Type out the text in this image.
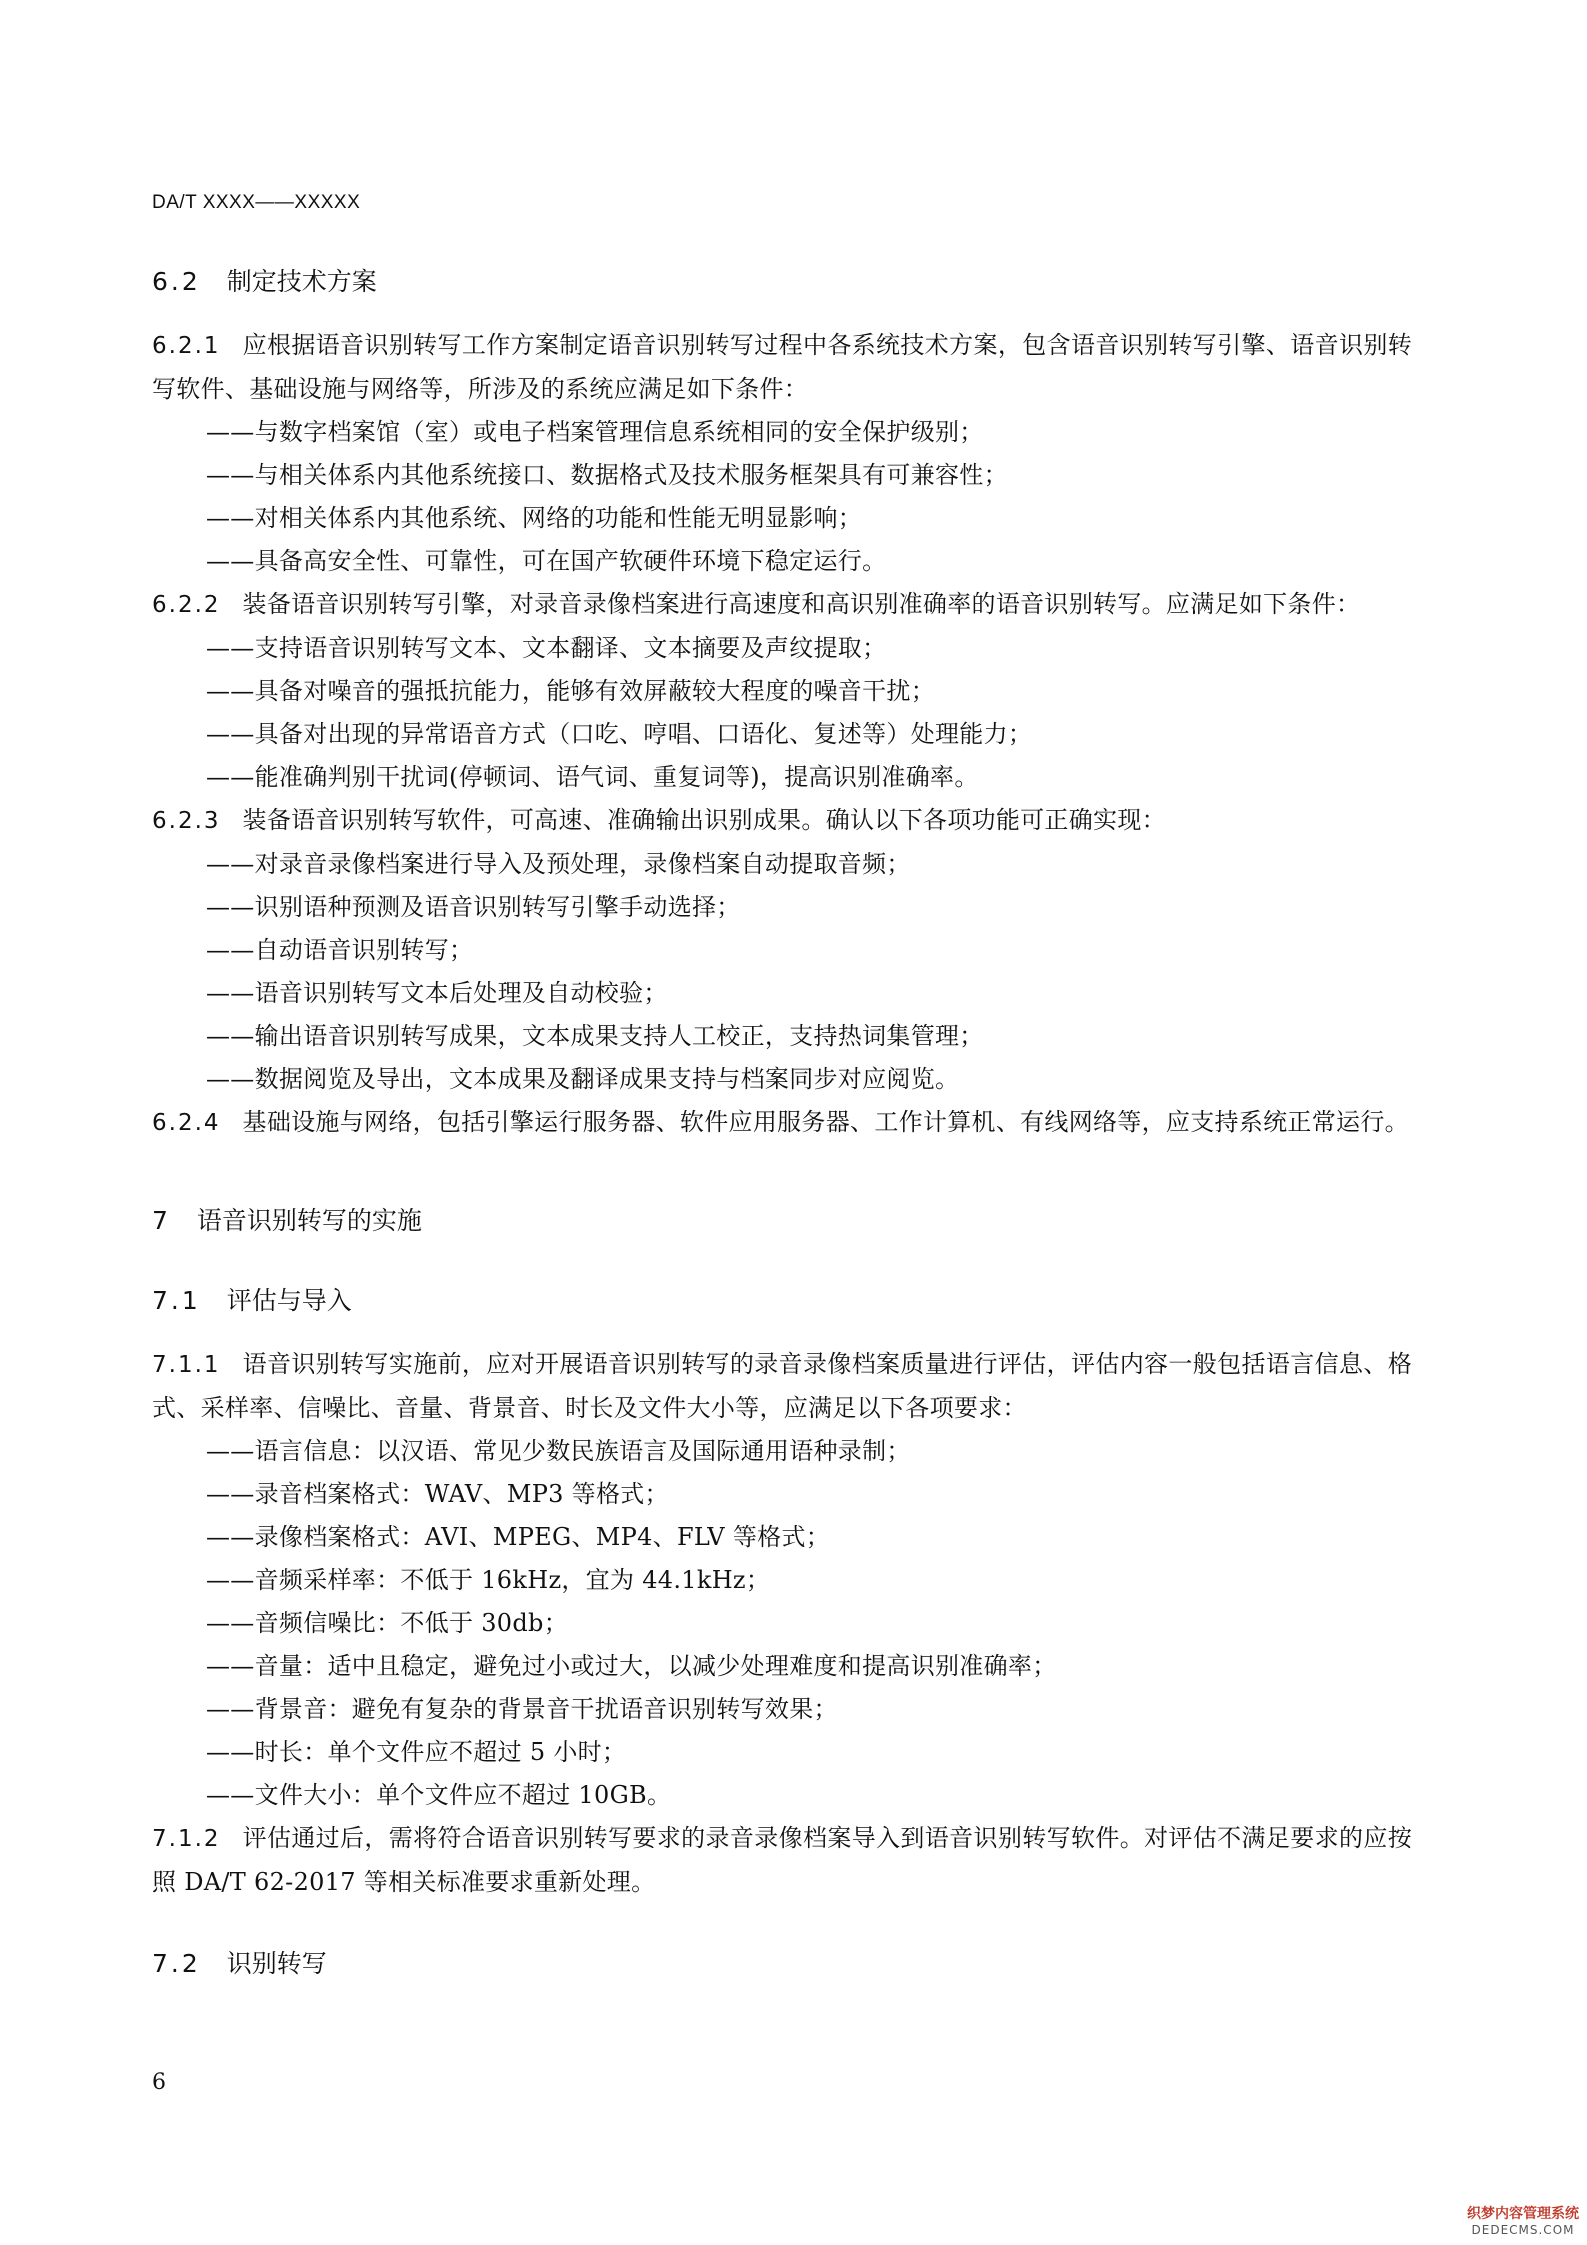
DA/T XXXX——XXXXX

6.2 制定技术方案

6.2.1 应根据语音识别转写工作方案制定语音识别转写过程中各系统技术方案，包含语音识别转写引擎、语音识别转写软件、基础设施与网络等，所涉及的系统应满足如下条件：

——与数字档案馆（室）或电子档案管理信息系统相同的安全保护级别；

——与相关体系内其他系统接口、数据格式及技术服务框架具有可兼容性；

——对相关体系内其他系统、网络的功能和性能无明显影响；

——具备高安全性、可靠性，可在国产软硬件环境下稳定运行。

6.2.2 装备语音识别转写引擎，对录音录像档案进行高速度和高识别准确率的语音识别转写。应满足如下条件：

——支持语音识别转写文本、文本翻译、文本摘要及声纹提取；

——具备对噪音的强抵抗能力，能够有效屏蔽较大程度的噪音干扰；

——具备对出现的异常语音方式（口吃、哼唱、口语化、复述等）处理能力；

——能准确判别干扰词(停顿词、语气词、重复词等)，提高识别准确率。

6.2.3 装备语音识别转写软件，可高速、准确输出识别成果。确认以下各项功能可正确实现：

——对录音录像档案进行导入及预处理，录像档案自动提取音频；

——识别语种预测及语音识别转写引擎手动选择；

——自动语音识别转写；

——语音识别转写文本后处理及自动校验；

——输出语音识别转写成果，文本成果支持人工校正，支持热词集管理；

——数据阅览及导出，文本成果及翻译成果支持与档案同步对应阅览。

6.2.4 基础设施与网络，包括引擎运行服务器、软件应用服务器、工作计算机、有线网络等，应支持系统正常运行。

7 语音识别转写的实施

7.1 评估与导入

7.1.1 语音识别转写实施前，应对开展语音识别转写的录音录像档案质量进行评估，评估内容一般包括语言信息、格式、采样率、信噪比、音量、背景音、时长及文件大小等，应满足以下各项要求：

——语言信息：以汉语、常见少数民族语言及国际通用语种录制；

——录音档案格式：WAV、MP3 等格式；

——录像档案格式：AVI、MPEG、MP4、FLV 等格式；

——音频采样率：不低于 16kHz，宜为 44.1kHz；

——音频信噪比：不低于 30db；

——音量：适中且稳定，避免过小或过大，以减少处理难度和提高识别准确率；

——背景音：避免有复杂的背景音干扰语音识别转写效果；

——时长：单个文件应不超过 5 小时；

——文件大小：单个文件应不超过 10GB。

7.1.2 评估通过后，需将符合语音识别转写要求的录音录像档案导入到语音识别转写软件。对评估不满足要求的应按照 DA/T 62-2017 等相关标准要求重新处理。

7.2 识别转写

6
织梦内容管理系统
DEDECMS.COM
